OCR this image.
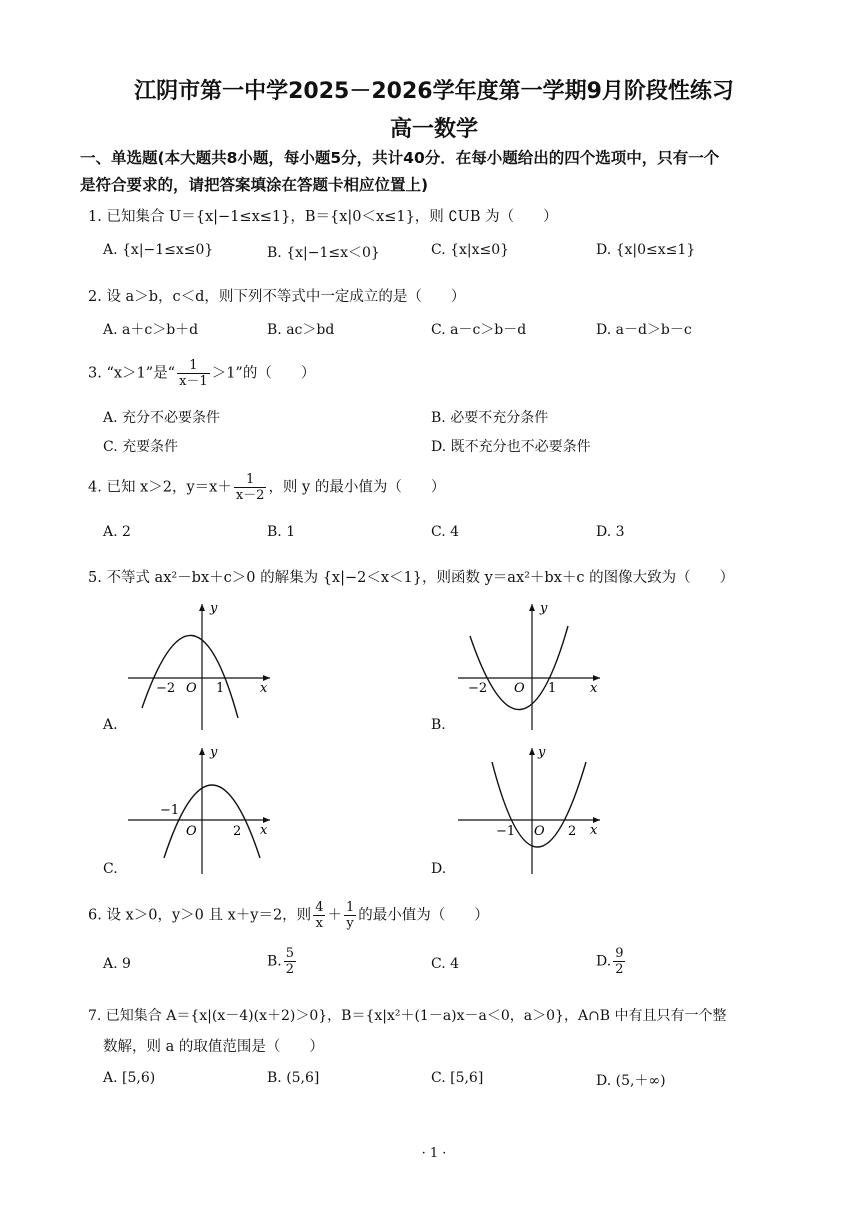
江阴市第一中学2025－2026学年度第一学期9月阶段性练习
高一数学
一、单选题(本大题共8小题，每小题5分，共计40分．在每小题给出的四个选项中，只有一个
是符合要求的，请把答案填涂在答题卡相应位置上)
1. 已知集合 U＝{x|−1≤x≤1}，B＝{x|0＜x≤1}，则 ∁UB 为（　　）
A. {x|−1≤x≤0}	B. {x|−1≤x＜0}	C. {x|x≤0}	D. {x|0≤x≤1}
2. 设 a＞b，c＜d，则下列不等式中一定成立的是（　　）
A. a＋c＞b＋d	B. ac＞bd	C. a－c＞b－d	D. a－d＞b－c
3. “x＞1”是“ $\frac{1}{x-1} >1$”的（　　）
A. 充分不必要条件	B. 必要不充分条件
C. 充要条件	D. 既不充分也不必要条件
4. 已知 x＞2，$y=x+ \frac{1}{x-2}$ ，则 y 的最小值为（　　）
A. 2	B. 1	C. 4	D. 3
5. 不等式 ax²－bx＋c＞0 的解集为 {x|−2＜x＜1}，则函数 y＝ax²＋bx＋c 的图像大致为（　　）
−2 O 1	x
y
A.
−2 O 1	x
y
B.
−1
O	2 x
y
C.
−1 O 2 x
y
D.
6. 设 x＞0，y＞0 且 x＋y＝2，则 $\frac{4}{x} + \frac{1}{y}$ 的最小值为（　　）
A. 9	B. $\frac{5}{2}$	C. 4	D. $\frac{9}{2}$
7. 已知集合 A＝{x|(x－4)(x＋2)＞0}，B＝{x|x²＋(1－a)x－a＜0，a＞0}，A∩B 中有且只有一个整
数解，则 a 的取值范围是（　　）
A. [5,6)	B. (5,6]	C. [5,6]	D. (5,＋∞)
· 1 ·
